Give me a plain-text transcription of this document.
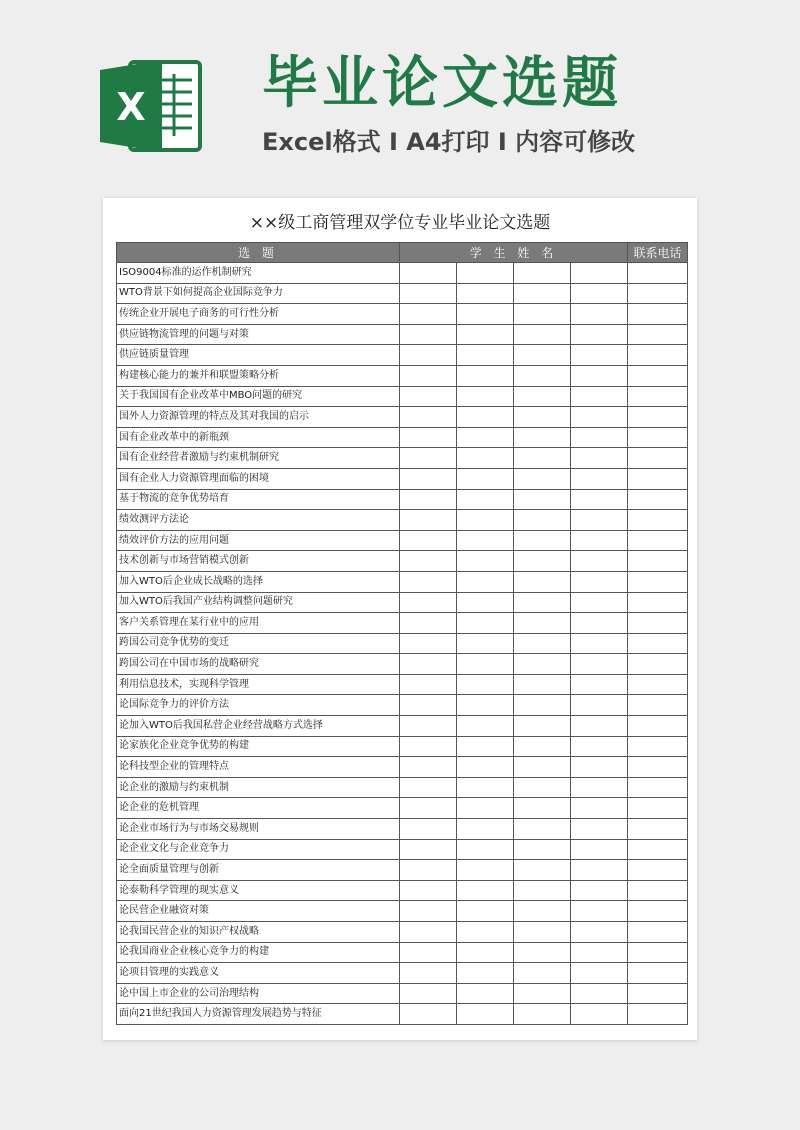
X 毕业论文选题
Excel格式 Ⅰ A4打印 Ⅰ 内容可修改
××级工商管理双学位专业毕业论文选题
选 题	学 生 姓 名				联系电话
ISO9004标准的运作机制研究					
WTO背景下如何提高企业国际竞争力					
传统企业开展电子商务的可行性分析					
供应链物流管理的问题与对策					
供应链质量管理					
构建核心能力的兼并和联盟策略分析					
关于我国国有企业改革中MBO问题的研究					
国外人力资源管理的特点及其对我国的启示					
国有企业改革中的新瓶颈					
国有企业经营者激励与约束机制研究					
国有企业人力资源管理面临的困境					
基于物流的竞争优势培育					
绩效测评方法论					
绩效评价方法的应用问题					
技术创新与市场营销模式创新					
加入WTO后企业成长战略的选择					
加入WTO后我国产业结构调整问题研究					
客户关系管理在某行业中的应用					
跨国公司竞争优势的变迁					
跨国公司在中国市场的战略研究					
利用信息技术，实现科学管理					
论国际竞争力的评价方法					
论加入WTO后我国私营企业经营战略方式选择					
论家族化企业竞争优势的构建					
论科技型企业的管理特点					
论企业的激励与约束机制					
论企业的危机管理					
论企业市场行为与市场交易规则					
论企业文化与企业竞争力					
论全面质量管理与创新					
论泰勒科学管理的现实意义					
论民营企业融资对策					
论我国民营企业的知识产权战略					
论我国商业企业核心竞争力的构建					
论项目管理的实践意义					
论中国上市企业的公司治理结构					
面向21世纪我国人力资源管理发展趋势与特征					
